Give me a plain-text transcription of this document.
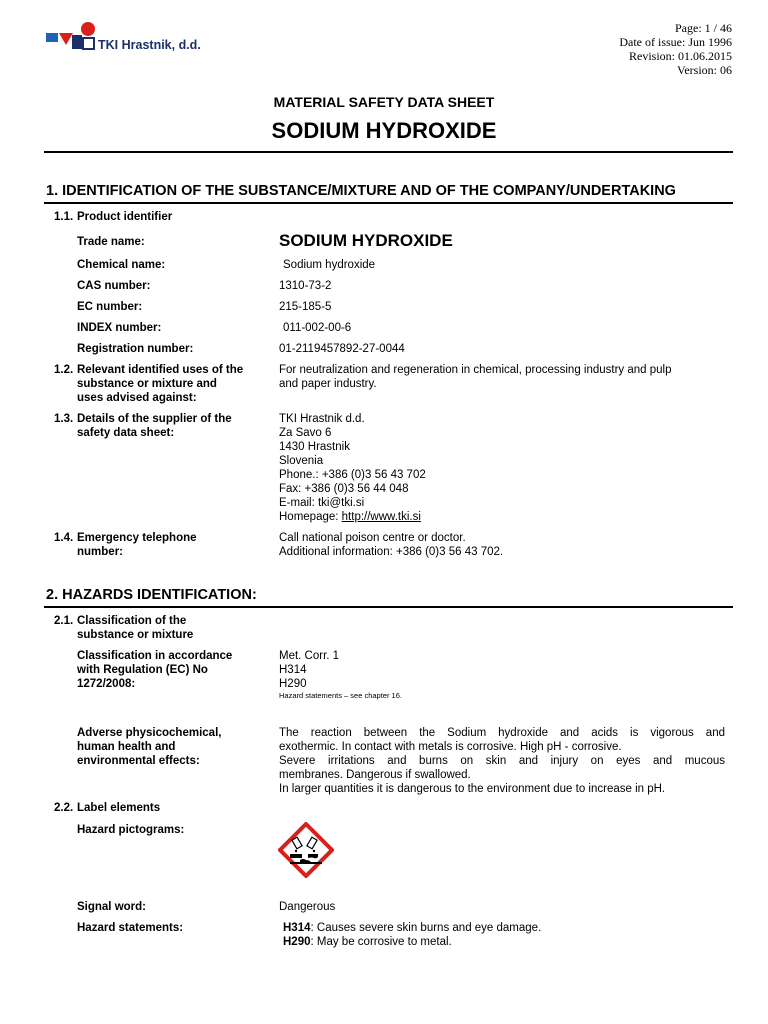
TKI Hrastnik, d.d.
Page: 1 / 46
Date of issue: Jun 1996
Revision: 01.06.2015
Version: 06
MATERIAL SAFETY DATA SHEET
SODIUM HYDROXIDE
1. IDENTIFICATION OF THE SUBSTANCE/MIXTURE AND OF THE COMPANY/UNDERTAKING
1.1. Product identifier
Trade name:	SODIUM HYDROXIDE
Chemical name:	Sodium hydroxide
CAS number:	1310-73-2
EC number:	215-185-5
INDEX number:	011-002-00-6
Registration number:	01-2119457892-27-0044
1.2. Relevant identified uses of the
substance or mixture and
uses advised against:
For neutralization and regeneration in chemical, processing industry and pulp
and paper industry.
1.3. Details of the supplier of the
safety data sheet:
TKI Hrastnik d.d.
Za Savo 6
1430 Hrastnik
Slovenia
Phone.: +386 (0)3 56 43 702
Fax: +386 (0)3 56 44 048
E-mail: tki@tki.si
Homepage: http://www.tki.si
1.4. Emergency telephone
number:
Call national poison centre or doctor.
Additional information: +386 (0)3 56 43 702.
2. HAZARDS IDENTIFICATION:
2.1. Classification of the
substance or mixture
Classification in accordance
with Regulation (EC) No
1272/2008:
Met. Corr. 1
H314
H290
Hazard statements – see chapter 16.
Adverse physicochemical,
human health and
environmental effects:
The reaction between the Sodium hydroxide and acids is vigorous and
exothermic. In contact with metals is corrosive. High pH - corrosive.
Severe irritations and burns on skin and injury on eyes and mucous
membranes. Dangerous if swallowed.
In larger quantities it is dangerous to the environment due to increase in pH.
2.2. Label elements
Hazard pictograms:
Signal word:	Dangerous
Hazard statements:	H314: Causes severe skin burns and eye damage.
H290: May be corrosive to metal.
